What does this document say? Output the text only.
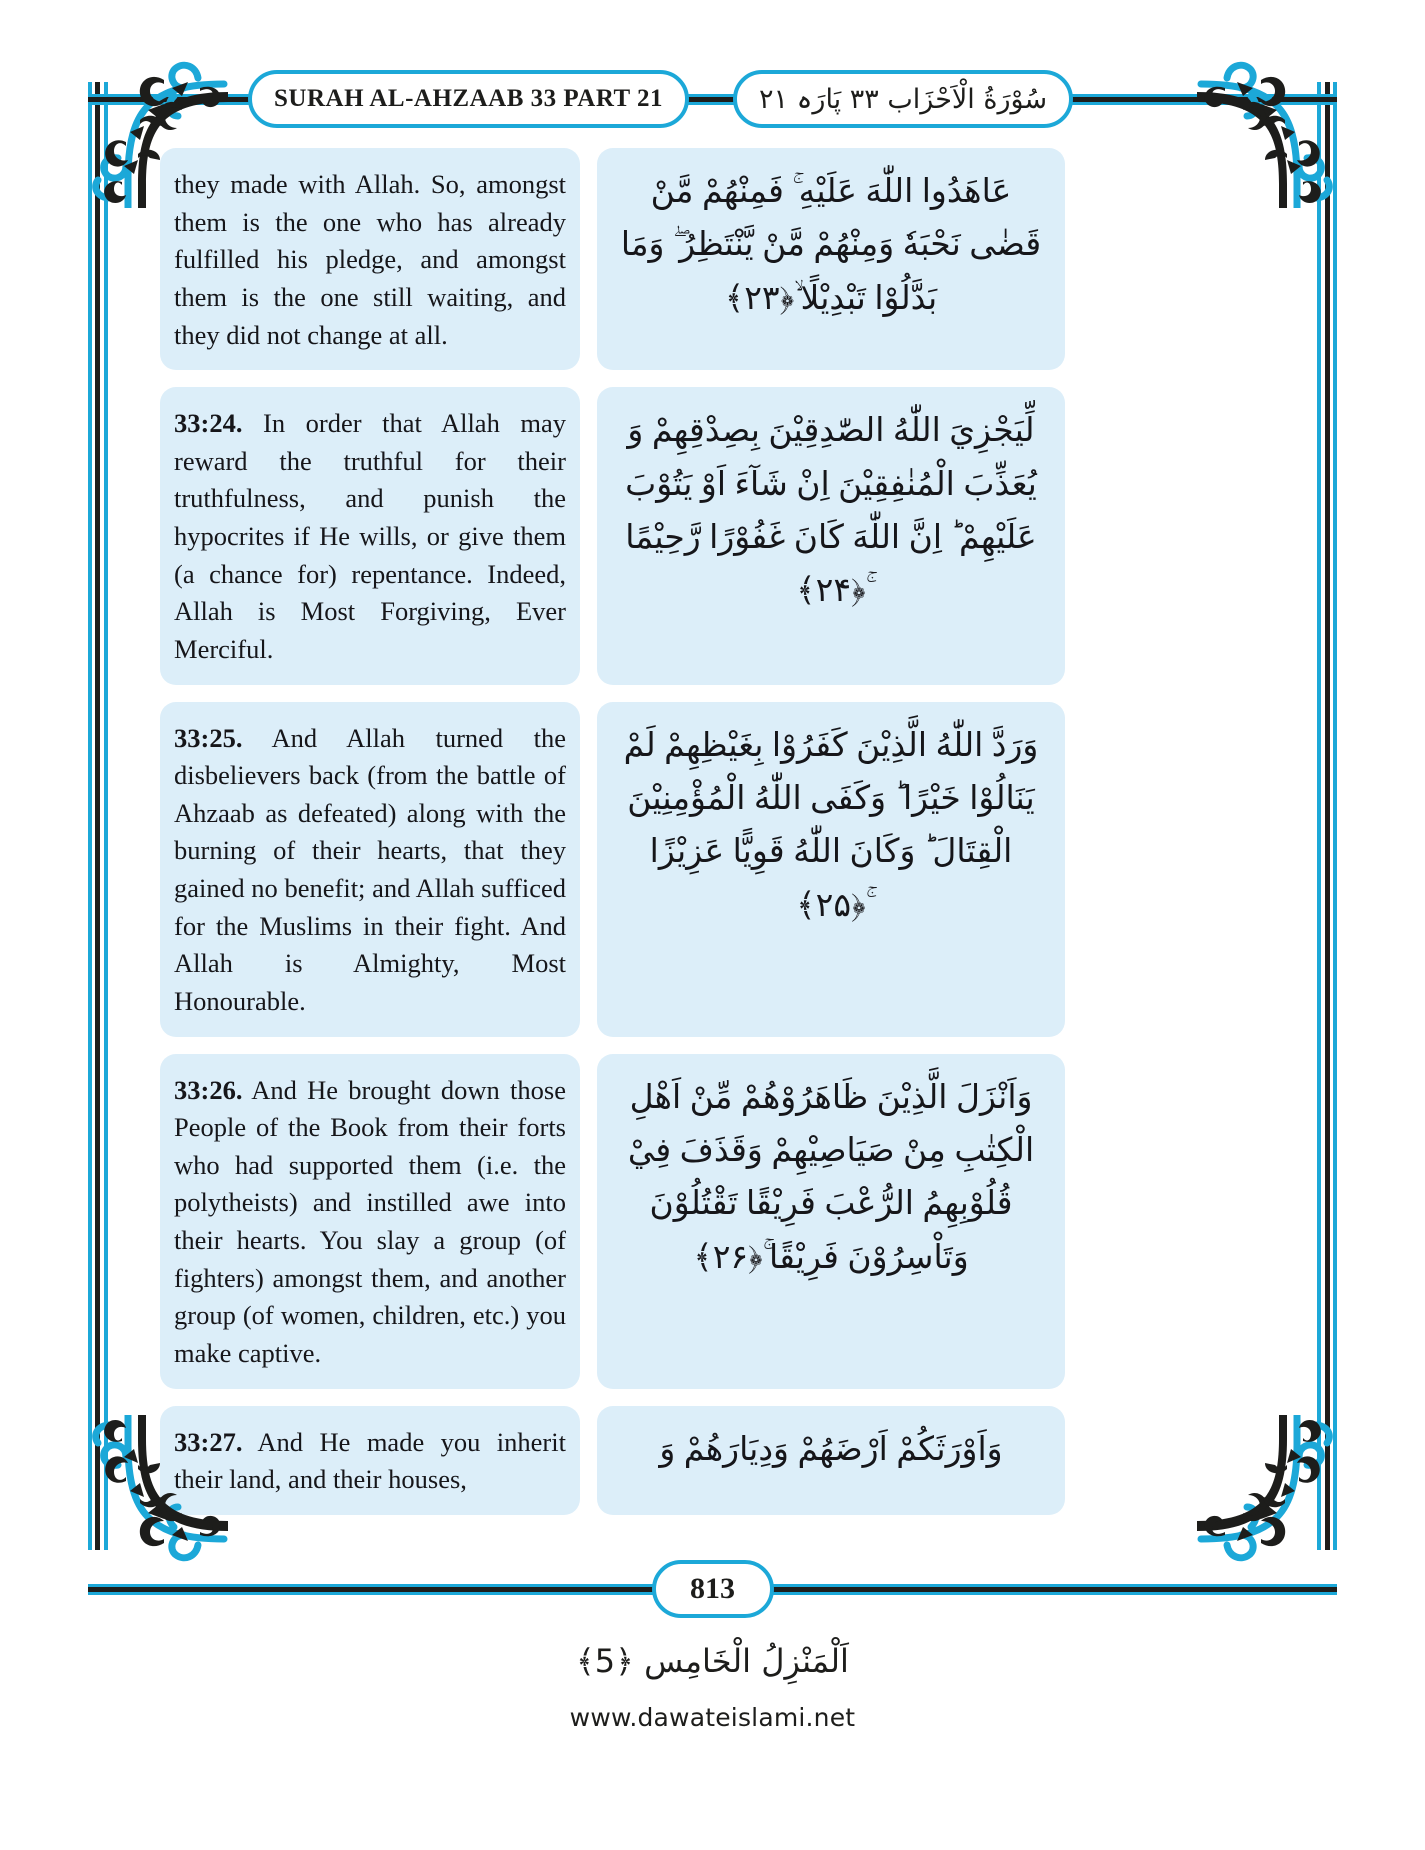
SURAH AL-AHZAAB 33 PART 21	سُوْرَةُ الْاَحْزَاب ٣٣ پَارَہ ٢١
they made with Allah. So, amongst them is the one who has already fulfilled his pledge, and amongst them is the one still waiting, and they did not change at all.
عَاهَدُوا اللّٰهَ عَلَيْهِ ۚ فَمِنْهُمْ مَّنْ قَضٰى نَحْبَهٗ وَمِنْهُمْ مَّنْ يَّنْتَظِرُ ۖ وَمَا بَدَّلُوْا تَبْدِيْلًا ۙ﴿۲۳﴾
33:24. In order that Allah may reward the truthful for their truthfulness, and punish the hypocrites if He wills, or give them (a chance for) repentance. Indeed, Allah is Most Forgiving, Ever Merciful.
لِّيَجْزِيَ اللّٰهُ الصّٰدِقِيْنَ بِصِدْقِهِمْ وَ يُعَذِّبَ الْمُنٰفِقِيْنَ اِنْ شَآءَ اَوْ يَتُوْبَ عَلَيْهِمْ ؕ اِنَّ اللّٰهَ كَانَ غَفُوْرًا رَّحِيْمًا ۚ﴿۲۴﴾
33:25. And Allah turned the disbelievers back (from the battle of Ahzaab as defeated) along with the burning of their hearts, that they gained no benefit; and Allah sufficed for the Muslims in their fight. And Allah is Almighty, Most Honourable.
وَرَدَّ اللّٰهُ الَّذِيْنَ كَفَرُوْا بِغَيْظِهِمْ لَمْ يَنَالُوْا خَيْرًا ؕ وَكَفَى اللّٰهُ الْمُؤْمِنِيْنَ الْقِتَالَ ؕ وَكَانَ اللّٰهُ قَوِيًّا عَزِيْزًا ۚ﴿۲۵﴾
33:26. And He brought down those People of the Book from their forts who had supported them (i.e. the polytheists) and instilled awe into their hearts. You slay a group (of fighters) amongst them, and another group (of women, children, etc.) you make captive.
وَاَنْزَلَ الَّذِيْنَ ظَاهَرُوْهُمْ مِّنْ اَهْلِ الْكِتٰبِ مِنْ صَيَاصِيْهِمْ وَقَذَفَ فِيْ قُلُوْبِهِمُ الرُّعْبَ فَرِيْقًا تَقْتُلُوْنَ وَتَاْسِرُوْنَ فَرِيْقًا ۚ﴿۲۶﴾
33:27. And He made you inherit their land, and their houses,
وَاَوْرَثَكُمْ اَرْضَهُمْ وَدِيَارَهُمْ وَ
813
اَلْمَنْزِلُ الْخَامِس ﴿5﴾
www.dawateislami.net
